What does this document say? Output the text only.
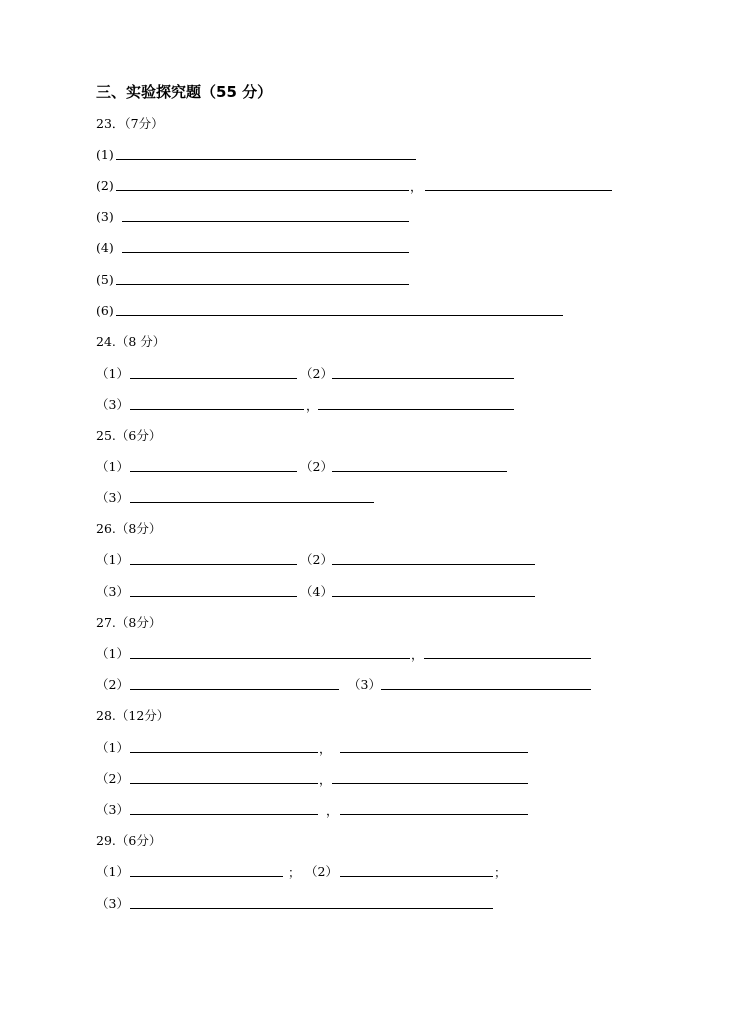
三、实验探究题（55 分）
23．（7分）
(1)
(2)	，
(3)
(4)
(5)
(6)
24.（8 分）
（1）	（2）
（3）	，
25.（6分）
（1）	（2）
（3）
26.（8分）
（1）	（2）
（3）	（4）
27.（8分）
（1）	，
（2）	（3）
28.（12分）
（1）	，
（2）	，
（3）	，
29.（6分）
（1）	； （2）	；
（3）
